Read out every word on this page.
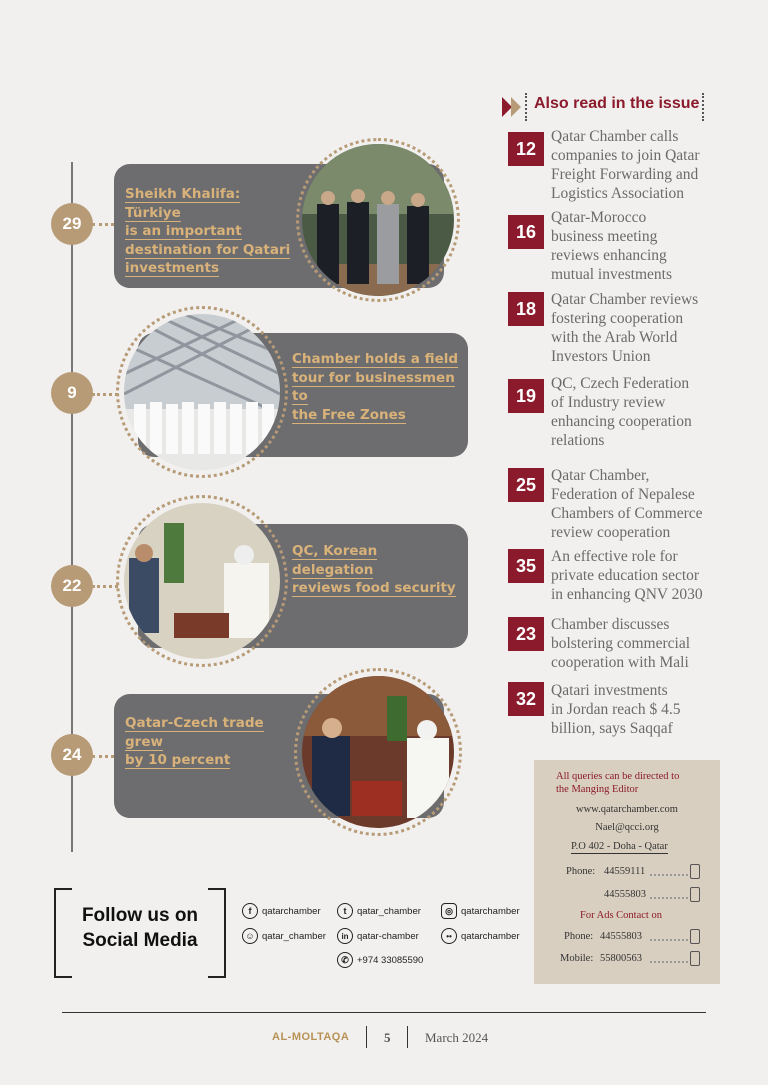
Sheikh Khalifa: Türkiye
is an important
destination for Qatari
investments
29
Chamber holds a field
tour for businessmen to
the Free Zones
9
QC, Korean delegation
reviews food security
22
Qatar-Czech trade grew
by 10 percent
24
Also read in the issue
12
Qatar Chamber calls
companies to join Qatar
Freight Forwarding and
Logistics Association
16
Qatar-Morocco
business meeting
reviews enhancing
mutual investments
18 Qatar Chamber reviews
fostering cooperation
with the Arab World
Investors Union
19
QC, Czech Federation
of Industry review
enhancing cooperation
relations
25 Qatar Chamber,
Federation of Nepalese
Chambers of Commerce
review cooperation
35 An effective role for
private education sector
in enhancing QNV 2030
23 Chamber discusses
bolstering commercial
cooperation with Mali
32 Qatari investments
in Jordan reach $ 4.5
billion, says Saqqaf
All queries can be directed to
the Manging Editor
www.qatarchamber.com
Nael@qcci.org
P.O 402 - Doha - Qatar
Phone: 44559111
44555803
For Ads Contact on
Phone: 44555803
Mobile: 55800563
Follow us on
Social Media
f	qatarchamber	t	qatar_chamber	◎ qatarchamber
☺ qatar_chamber	in qatar-chamber	•• qatarchamber
✆ +974 33085590
AL-MOLTAQA	5	March 2024
